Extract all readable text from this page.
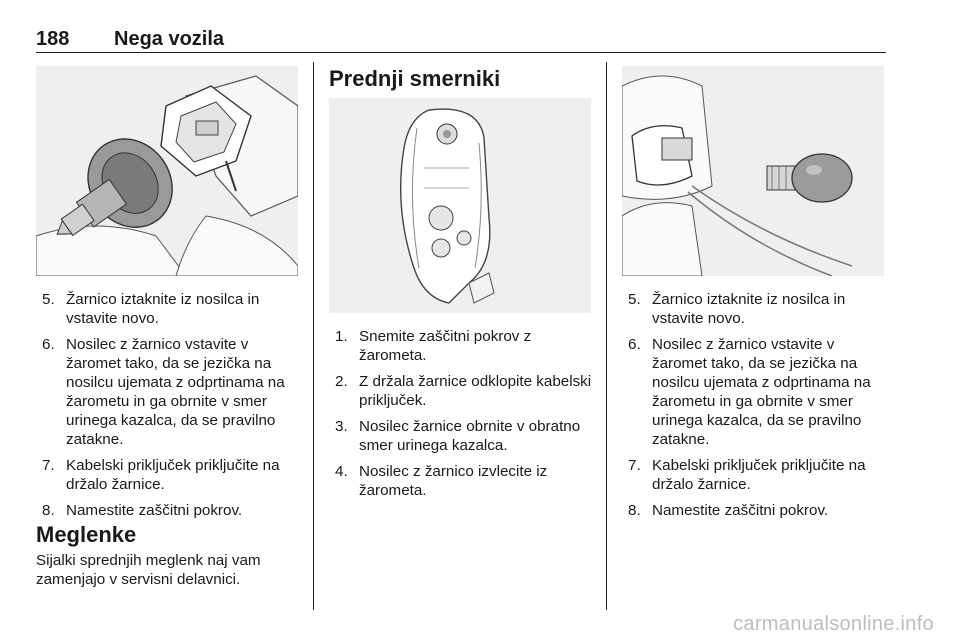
188 Nega vozila
5. Žarnico iztaknite iz nosilca in vstavite novo.
6. Nosilec z žarnico vstavite v žaromet tako, da se jezička na nosilcu ujemata z odprtinama na žarometu in ga obrnite v smer urinega kazalca, da se pravilno zatakne.
7. Kabelski priključek priključite na držalo žarnice.
8. Namestite zaščitni pokrov.
Meglenke
Sijalki sprednjih meglenk naj vam zamenjajo v servisni delavnici.
Prednji smerniki
1. Snemite zaščitni pokrov z žarometa.
2. Z držala žarnice odklopite kabelski priključek.
3. Nosilec žarnice obrnite v obratno smer urinega kazalca.
4. Nosilec z žarnico izvlecite iz žarometa.
5. Žarnico iztaknite iz nosilca in vstavite novo.
6. Nosilec z žarnico vstavite v žaromet tako, da se jezička na nosilcu ujemata z odprtinama na žarometu in ga obrnite v smer urinega kazalca, da se pravilno zatakne.
7. Kabelski priključek priključite na držalo žarnice.
8. Namestite zaščitni pokrov.
carmanualsonline.info
